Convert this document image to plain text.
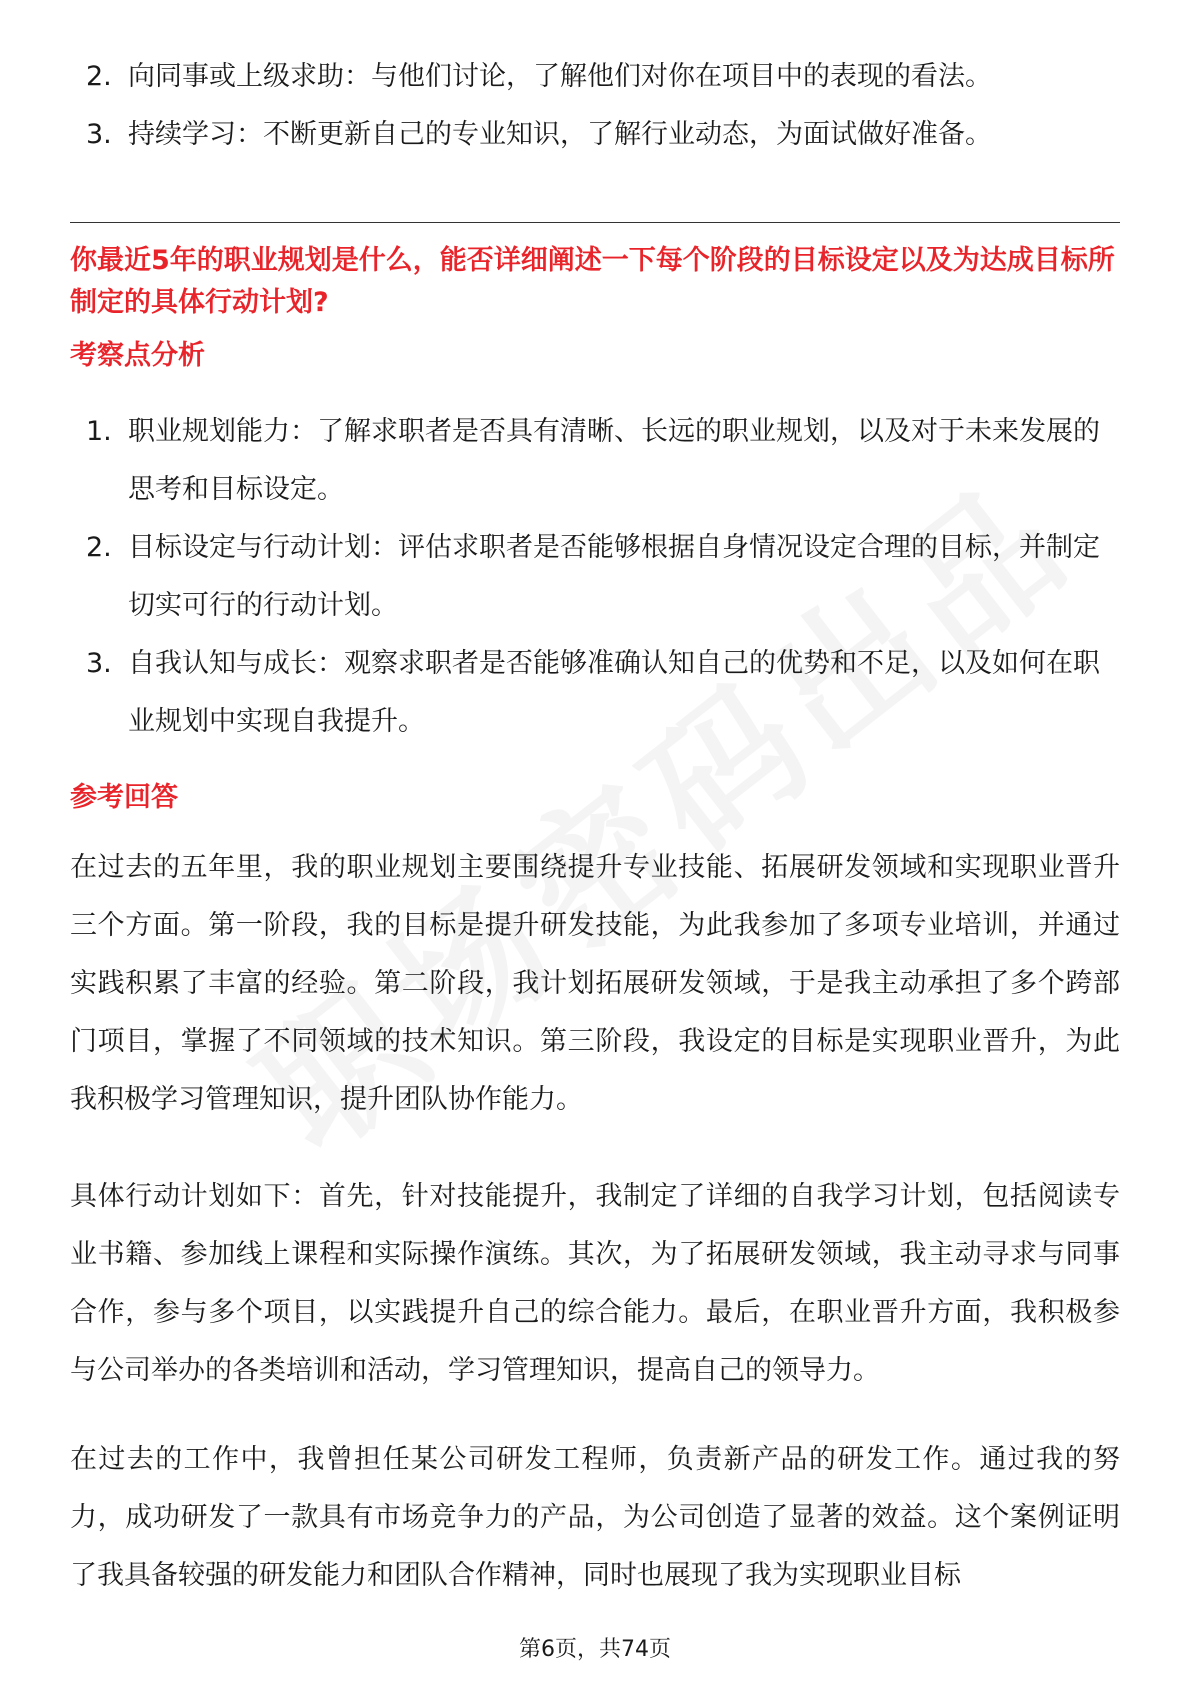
2. 向同事或上级求助：与他们讨论，了解他们对你在项目中的表现的看法。
3. 持续学习：不断更新自己的专业知识，了解行业动态，为面试做好准备。
你最近5年的职业规划是什么，能否详细阐述一下每个阶段的目标设定以及为达成目标所制定的具体行动计划?
考察点分析
1. 职业规划能力：了解求职者是否具有清晰、长远的职业规划，以及对于未来发展的思考和目标设定。
2. 目标设定与行动计划：评估求职者是否能够根据自身情况设定合理的目标，并制定切实可行的行动计划。
3. 自我认知与成长：观察求职者是否能够准确认知自己的优势和不足，以及如何在职业规划中实现自我提升。
参考回答

在过去的五年里，我的职业规划主要围绕提升专业技能、拓展研发领域和实现职业晋升三个方面。第一阶段，我的目标是提升研发技能，为此我参加了多项专业培训，并通过实践积累了丰富的经验。第二阶段，我计划拓展研发领域，于是我主动承担了多个跨部门项目，掌握了不同领域的技术知识。第三阶段，我设定的目标是实现职业晋升，为此我积极学习管理知识，提升团队协作能力。

具体行动计划如下：首先，针对技能提升，我制定了详细的自我学习计划，包括阅读专业书籍、参加线上课程和实际操作演练。其次，为了拓展研发领域，我主动寻求与同事合作，参与多个项目，以实践提升自己的综合能力。最后，在职业晋升方面，我积极参与公司举办的各类培训和活动，学习管理知识，提高自己的领导力。

在过去的工作中，我曾担任某公司研发工程师，负责新产品的研发工作。通过我的努力，成功研发了一款具有市场竞争力的产品，为公司创造了显著的效益。这个案例证明了我具备较强的研发能力和团队合作精神，同时也展现了我为实现职业目标

第6页，共74页
